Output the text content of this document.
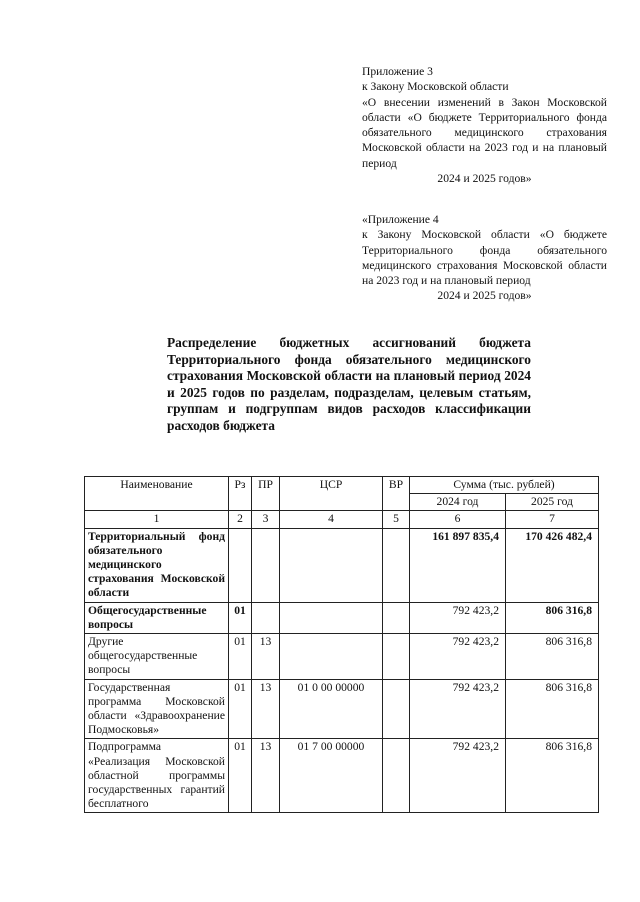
Приложение 3

к Закону Московской области

«О внесении изменений в Закон Московской области «О бюджете Территориального фонда обязательного медицинского страхования Московской области на 2023 год и на плановый период

2024 и 2025 годов»

«Приложение 4

к Закону Московской области «О бюджете Территориального фонда обязательного медицинского страхования Московской области на 2023 год и на плановый период

2024 и 2025 годов»

Распределение бюджетных ассигнований бюджета Территориального фонда обязательного медицинского страхования Московской области на плановый период 2024 и 2025 годов по разделам, подразделам, целевым статьям, группам и подгруппам видов расходов классификации расходов бюджета

Наименование	Рз	ПР	ЦСР	ВР	Сумма (тыс. рублей)	
					2024 год	2025 год
1	2	3	4	5	6	7
Территориальный фонд обязательного медицинского страхования Московской области					161 897 835,4	170 426 482,4
Общегосударственные вопросы	01				792 423,2	806 316,8
Другие общегосударственные вопросы	01	13			792 423,2	806 316,8
Государственная программа Московской области «Здравоохранение Подмосковья»	01	13	01 0 00 00000		792 423,2	806 316,8
Подпрограмма «Реализация Московской областной программы государственных гарантий бесплатного	01	13	01 7 00 00000		792 423,2	806 316,8
